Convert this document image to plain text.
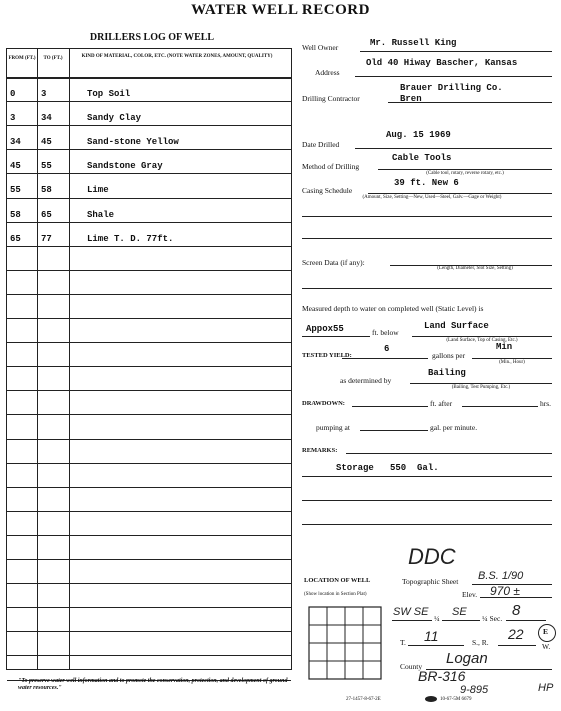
WATER WELL RECORD
DRILLERS LOG OF WELL
FROM (FT.)	TO (FT.)	KIND OF MATERIAL, COLOR, ETC. (NOTE WATER ZONES, AMOUNT, QUALITY)
0	3	Top Soil
3	34	Sandy Clay
34 45	Sand-stone Yellow
45 55	Sandstone Gray
55 58	Lime
58 65	Shale
65 77	Lime T. D. 77ft.
Well Owner	Mr. Russell King
Address
Old 40 Hiway Bascher, Kansas
Drilling Contractor
Brauer Drilling Co.
Bren
Date Drilled
Aug. 15 1969
Method of Drilling
Cable Tools
(Cable tool, rotary, reverse rotary, etc.)
Casing Schedule
39 ft. New 6
(Amount, Size, Setting—New, Used—Steel, Galv.—Gage or Weight)
Screen Data (if any):
(Length, Diameter, Slot Size, Setting)
Measured depth to water on completed well (Static Level) is
Appox55	ft. below
Land Surface
(Land Surface, Top of Casing, Etc.)
TESTED YIELD:
6
gallons per
Min
(Min., Hour)
as determined by
Bailing
(Bailing, Test Pumping, Etc.)
DRAWDOWN:	ft. after	hrs.
pumping at	gal. per minute.
REMARKS:
Storage   550  Gal.
DDC
LOCATION OF WELL	Topographic Sheet B.S. 1/90
(Show location in Section Plat)	Elev. 970 ±
SW SE
¼
SE
¼ Sec. 8
T. 11	S., R.
22	E
W.
County Logan
BR-316
9-895	HP
"To preserve water well information and to promote the conservation, protection, and development of ground-water resources."
27-1457-8-67-2E	10-67-5M 6679
